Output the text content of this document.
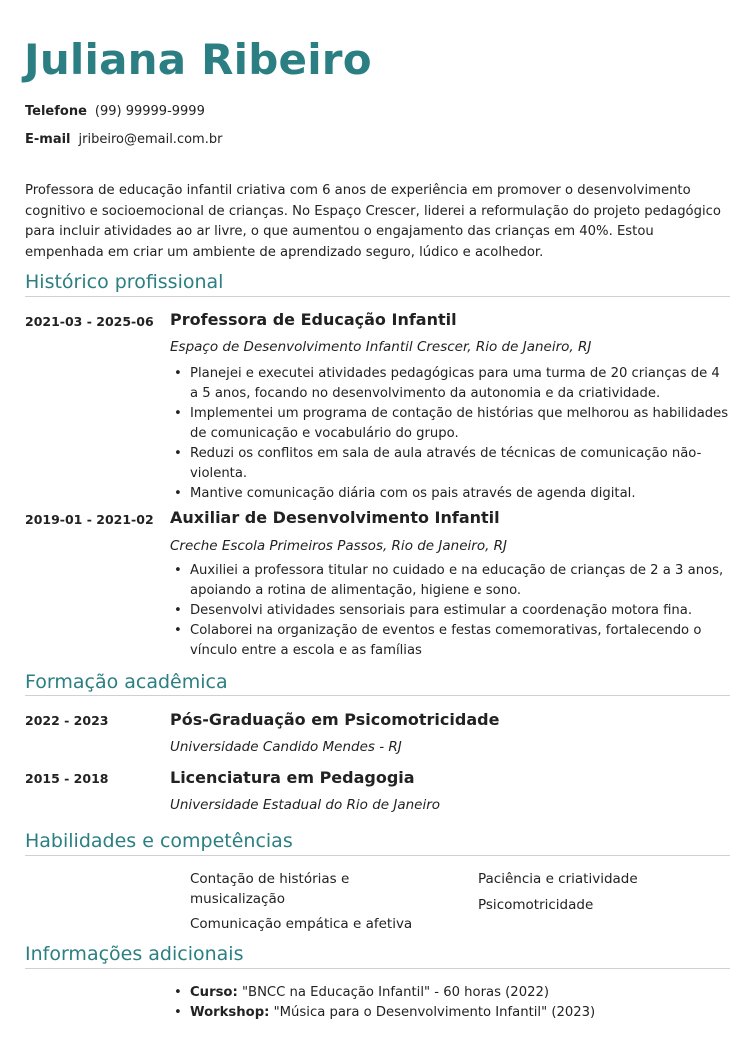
Juliana Ribeiro
Telefone (99) 99999-9999
E-mail jribeiro@email.com.br

Professora de educação infantil criativa com 6 anos de experiência em promover o desenvolvimento cognitivo e socioemocional de crianças. No Espaço Crescer, liderei a reformulação do projeto pedagógico para incluir atividades ao ar livre, o que aumentou o engajamento das crianças em 40%. Estou empenhada em criar um ambiente de aprendizado seguro, lúdico e acolhedor.

Histórico profissional
2021-03 - 2025-06 Professora de Educação Infantil
Espaço de Desenvolvimento Infantil Crescer, Rio de Janeiro, RJ
• Planejei e executei atividades pedagógicas para uma turma de 20 crianças de 4 a 5 anos, focando no desenvolvimento da autonomia e da criatividade.
• Implementei um programa de contação de histórias que melhorou as habilidades de comunicação e vocabulário do grupo.
• Reduzi os conflitos em sala de aula através de técnicas de comunicação não-violenta.
• Mantive comunicação diária com os pais através de agenda digital.
2019-01 - 2021-02 Auxiliar de Desenvolvimento Infantil
Creche Escola Primeiros Passos, Rio de Janeiro, RJ
• Auxiliei a professora titular no cuidado e na educação de crianças de 2 a 3 anos, apoiando a rotina de alimentação, higiene e sono.
• Desenvolvi atividades sensoriais para estimular a coordenação motora fina.
• Colaborei na organização de eventos e festas comemorativas, fortalecendo o vínculo entre a escola e as famílias
Formação acadêmica
2022 - 2023	Pós-Graduação em Psicomotricidade
Universidade Candido Mendes - RJ
2015 - 2018	Licenciatura em Pedagogia
Universidade Estadual do Rio de Janeiro
Habilidades e competências
Contação de histórias e musicalização
Comunicação empática e afetiva
Paciência e criatividade
Psicomotricidade
Informações adicionais
• Curso: "BNCC na Educação Infantil" - 60 horas (2022)
• Workshop: "Música para o Desenvolvimento Infantil" (2023)
